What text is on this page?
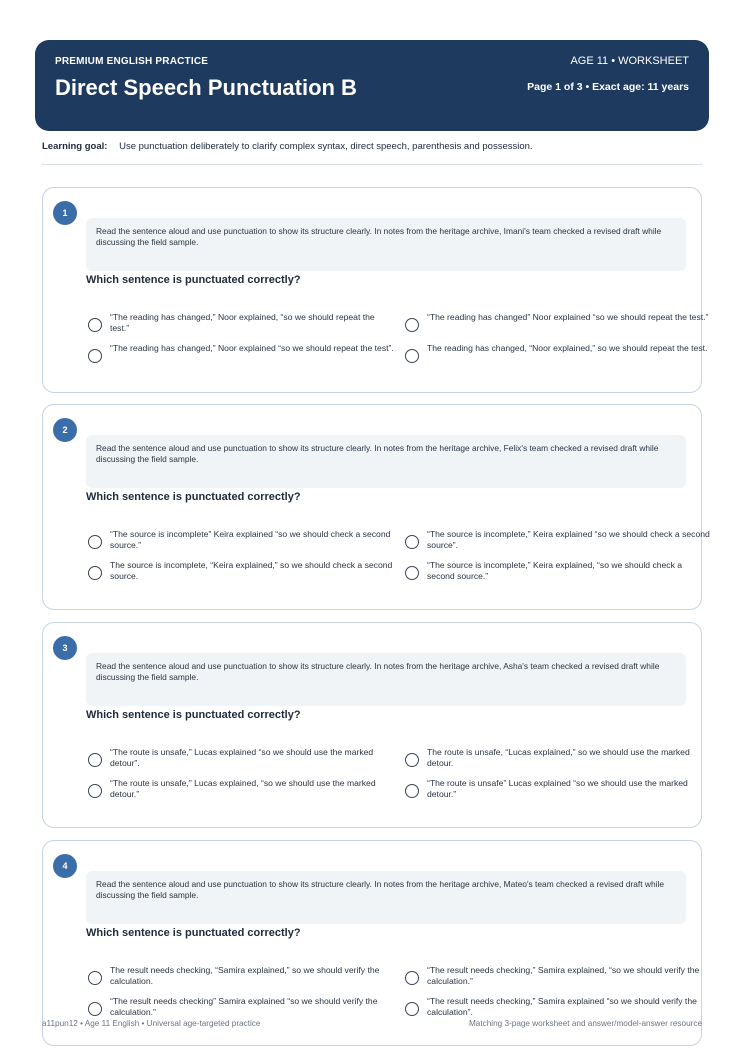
PREMIUM ENGLISH PRACTICE
Direct Speech Punctuation B
AGE 11 • WORKSHEET
Page 1 of 3 • Exact age: 11 years
Learning goal: Use punctuation deliberately to clarify complex syntax, direct speech, parenthesis and possession.
1
Read the sentence aloud and use punctuation to show its structure clearly. In notes from the heritage archive, Imani's team checked a revised draft while discussing the field sample.
Which sentence is punctuated correctly?
“The reading has changed,” Noor explained, “so we should repeat the test.”
“The reading has changed” Noor explained “so we should repeat the test.”
“The reading has changed,” Noor explained “so we should repeat the test”.	The reading has changed, “Noor explained,” so we should repeat the test.
2
Read the sentence aloud and use punctuation to show its structure clearly. In notes from the heritage archive, Felix's team checked a revised draft while discussing the field sample.
Which sentence is punctuated correctly?
“The source is incomplete” Keira explained “so we should check a second source.”
“The source is incomplete,” Keira explained “so we should check a second source”.
The source is incomplete, “Keira explained,” so we should check a second source.
“The source is incomplete,” Keira explained, “so we should check a second source.”
3
Read the sentence aloud and use punctuation to show its structure clearly. In notes from the heritage archive, Asha's team checked a revised draft while discussing the field sample.
Which sentence is punctuated correctly?
“The route is unsafe,” Lucas explained “so we should use the marked detour”.
The route is unsafe, “Lucas explained,” so we should use the marked detour.
“The route is unsafe,” Lucas explained, “so we should use the marked detour.”
“The route is unsafe” Lucas explained “so we should use the marked detour.”
4
Read the sentence aloud and use punctuation to show its structure clearly. In notes from the heritage archive, Mateo's team checked a revised draft while discussing the field sample.
Which sentence is punctuated correctly?
The result needs checking, “Samira explained,” so we should verify the calculation.
“The result needs checking,” Samira explained, “so we should verify the calculation.”
“The result needs checking” Samira explained “so we should verify the calculation.”
“The result needs checking,” Samira explained “so we should verify the calculation”.
a11pun12 • Age 11 English • Universal age-targeted practice	Matching 3-page worksheet and answer/model-answer resource
